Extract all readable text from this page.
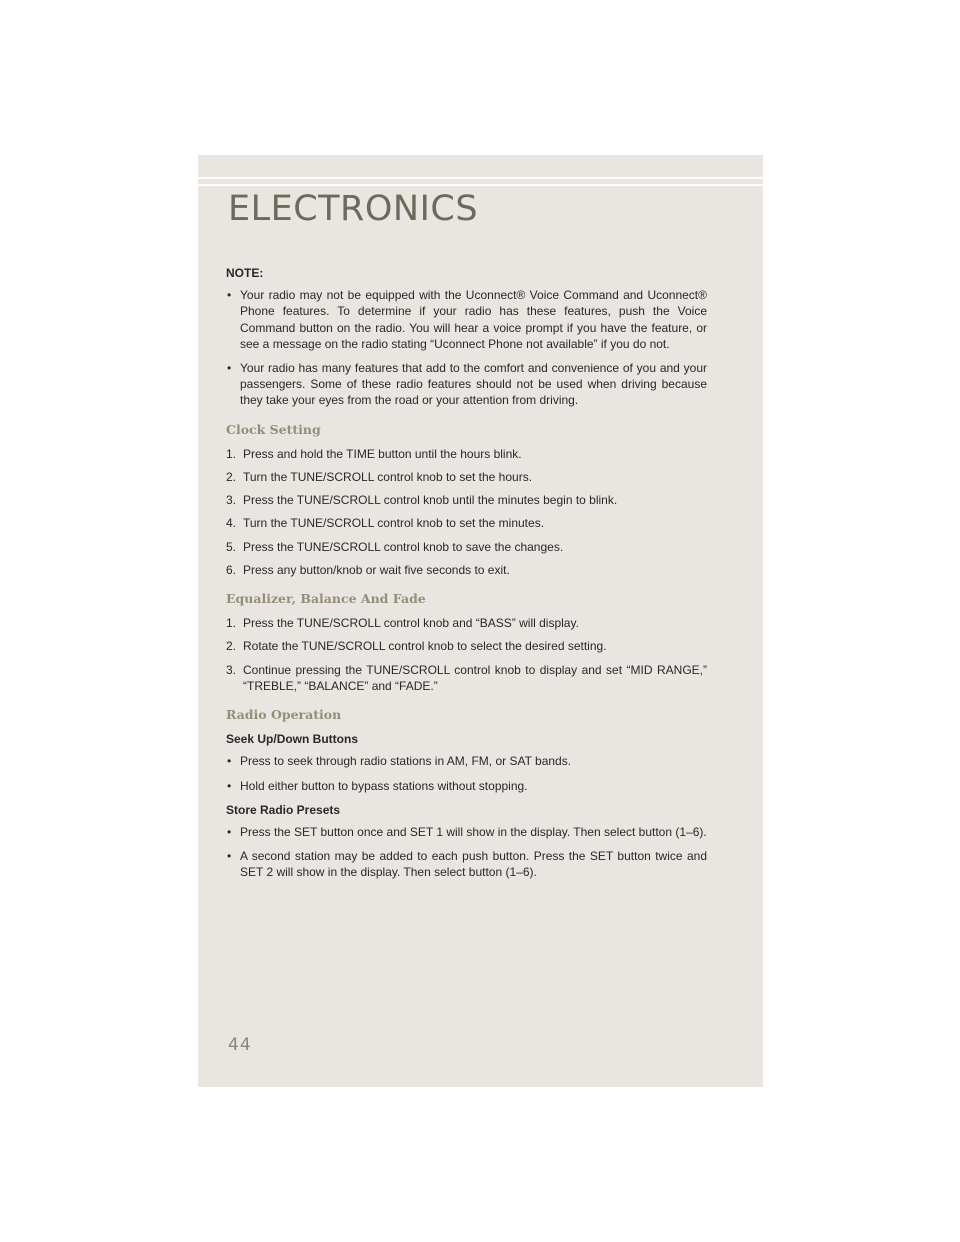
ELECTRONICS
NOTE:
• Your radio may not be equipped with the Uconnect® Voice Command and Uconnect® Phone features. To determine if your radio has these features, push the Voice Command button on the radio. You will hear a voice prompt if you have the feature, or see a message on the radio stating “Uconnect Phone not available” if you do not.
• Your radio has many features that add to the comfort and convenience of you and your passengers. Some of these radio features should not be used when driving because they take your eyes from the road or your attention from driving.
Clock Setting
1. Press and hold the TIME button until the hours blink.
2. Turn the TUNE/SCROLL control knob to set the hours.
3. Press the TUNE/SCROLL control knob until the minutes begin to blink.
4. Turn the TUNE/SCROLL control knob to set the minutes.
5. Press the TUNE/SCROLL control knob to save the changes.
6. Press any button/knob or wait five seconds to exit.
Equalizer, Balance And Fade
1. Press the TUNE/SCROLL control knob and “BASS” will display.
2. Rotate the TUNE/SCROLL control knob to select the desired setting.
3. Continue pressing the TUNE/SCROLL control knob to display and set “MID RANGE,” “TREBLE,” “BALANCE” and “FADE.”
Radio Operation
Seek Up/Down Buttons
• Press to seek through radio stations in AM, FM, or SAT bands.
• Hold either button to bypass stations without stopping.
Store Radio Presets
• Press the SET button once and SET 1 will show in the display. Then select button (1–6).
• A second station may be added to each push button. Press the SET button twice and SET 2 will show in the display. Then select button (1–6).
44
